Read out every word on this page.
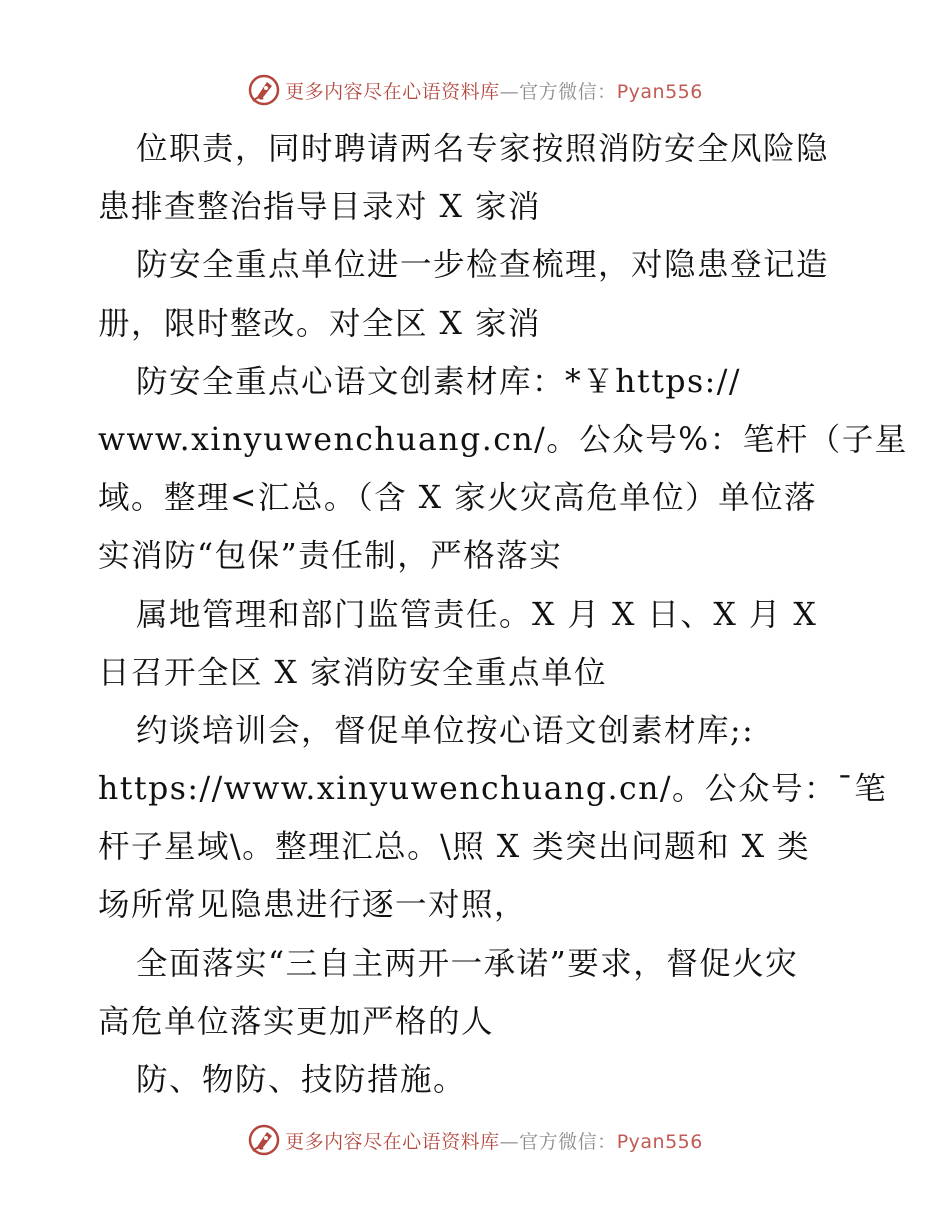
更多内容尽在心语资料库—官方微信：Pyan556
位职责，同时聘请两名专家按照消防安全风险隐
患排查整治指导目录对 X 家消
防安全重点单位进一步检查梳理，对隐患登记造
册，限时整改。对全区 X 家消
防安全重点心语文创素材库：*￥https://
www.xinyuwenchuang.cn/。公众号%：笔杆（子星
域。整理<汇总。（含 X 家火灾高危单位）单位落
实消防“包保”责任制，严格落实
属地管理和部门监管责任。X 月 X 日、X 月 X
日召开全区 X 家消防安全重点单位
约谈培训会，督促单位按心语文创素材库;:
https://www.xinyuwenchuang.cn/。公众号：¯笔
杆子星域\。整理汇总。\照 X 类突出问题和 X 类
场所常见隐患进行逐一对照，
全面落实“三自主两开一承诺”要求，督促火灾
高危单位落实更加严格的人
防、物防、技防措施。
更多内容尽在心语资料库—官方微信：Pyan556
